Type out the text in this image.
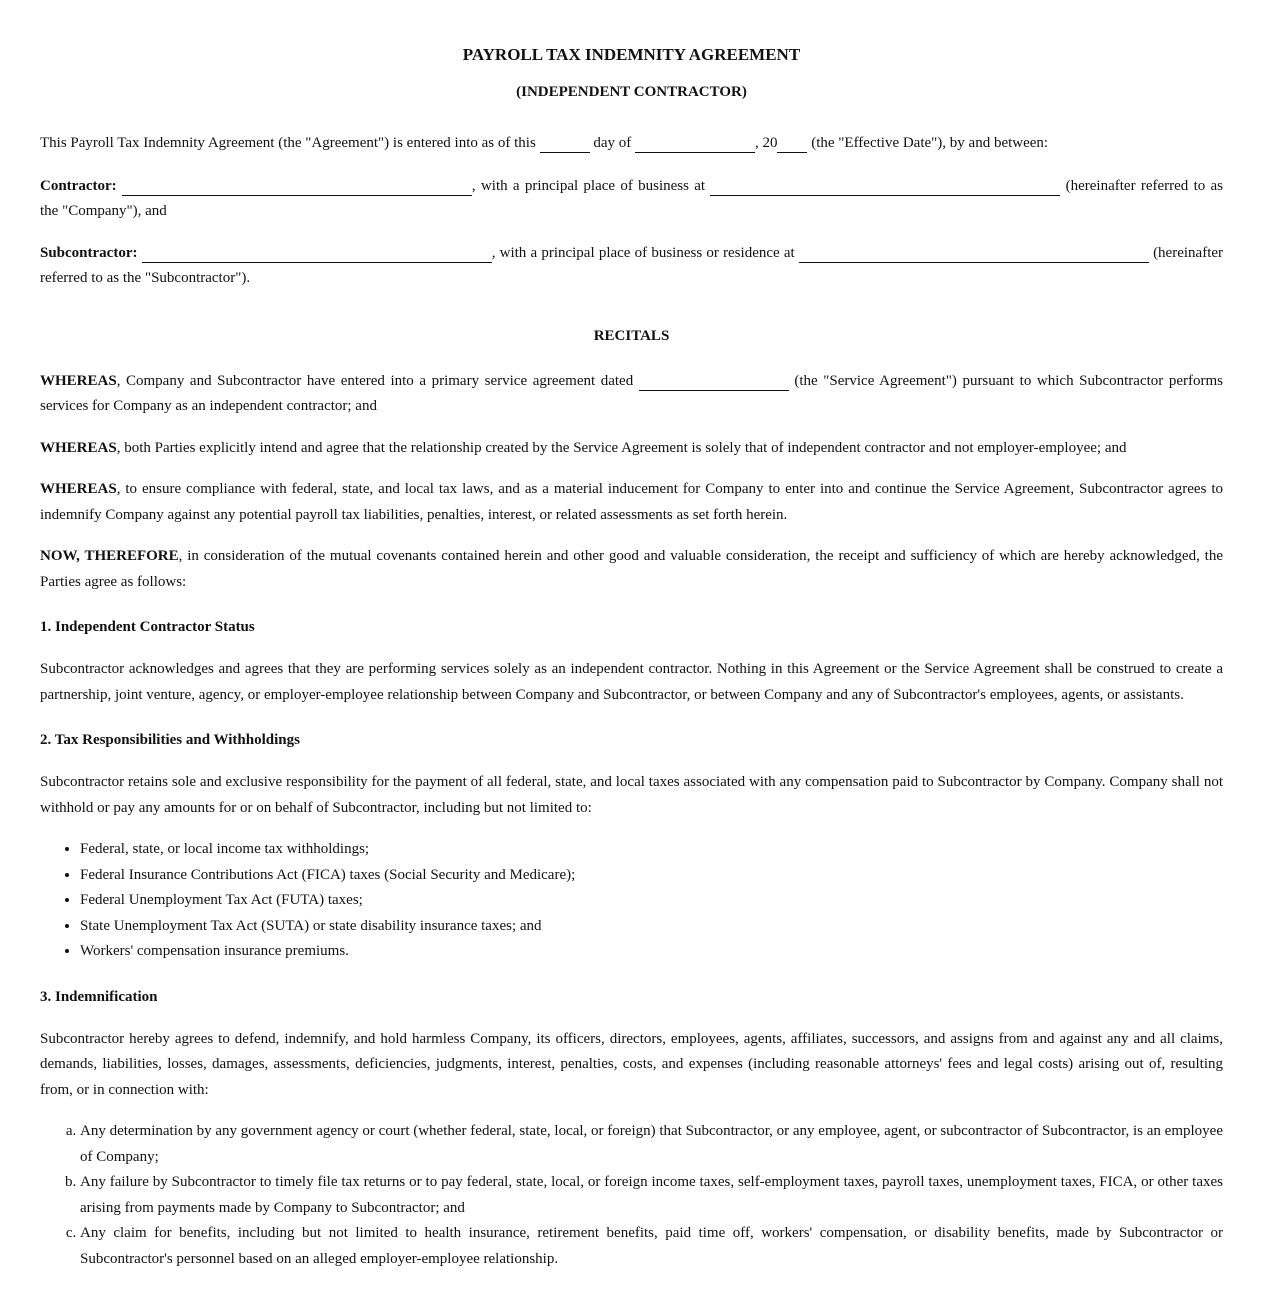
PAYROLL TAX INDEMNITY AGREEMENT
(INDEPENDENT CONTRACTOR)

This Payroll Tax Indemnity Agreement (the "Agreement") is entered into as of this	day of	, 20 (the "Effective Date"), by and between:

Contractor:	, with a principal place of business at	(hereinafter referred to as the "Company"), and

Subcontractor:	, with a principal place of business or residence at	(hereinafter referred to as the "Subcontractor").

RECITALS

WHEREAS, Company and Subcontractor have entered into a primary service agreement dated	(the "Service Agreement") pursuant to which Subcontractor performs services for Company as an independent contractor; and

WHEREAS, both Parties explicitly intend and agree that the relationship created by the Service Agreement is solely that of independent contractor and not employer-employee; and

WHEREAS, to ensure compliance with federal, state, and local tax laws, and as a material inducement for Company to enter into and continue the Service Agreement, Subcontractor agrees to indemnify Company against any potential payroll tax liabilities, penalties, interest, or related assessments as set forth herein.

NOW, THEREFORE, in consideration of the mutual covenants contained herein and other good and valuable consideration, the receipt and sufficiency of which are hereby acknowledged, the Parties agree as follows:

1. Independent Contractor Status

Subcontractor acknowledges and agrees that they are performing services solely as an independent contractor. Nothing in this Agreement or the Service Agreement shall be construed to create a partnership, joint venture, agency, or employer-employee relationship between Company and Subcontractor, or between Company and any of Subcontractor's employees, agents, or assistants.

2. Tax Responsibilities and Withholdings

Subcontractor retains sole and exclusive responsibility for the payment of all federal, state, and local taxes associated with any compensation paid to Subcontractor by Company. Company shall not withhold or pay any amounts for or on behalf of Subcontractor, including but not limited to:

• Federal, state, or local income tax withholdings;
• Federal Insurance Contributions Act (FICA) taxes (Social Security and Medicare);
• Federal Unemployment Tax Act (FUTA) taxes;
• State Unemployment Tax Act (SUTA) or state disability insurance taxes; and
• Workers' compensation insurance premiums.
3. Indemnification

Subcontractor hereby agrees to defend, indemnify, and hold harmless Company, its officers, directors, employees, agents, affiliates, successors, and assigns from and against any and all claims, demands, liabilities, losses, damages, assessments, deficiencies, judgments, interest, penalties, costs, and expenses (including reasonable attorneys' fees and legal costs) arising out of, resulting from, or in connection with:

a. Any determination by any government agency or court (whether federal, state, local, or foreign) that Subcontractor, or any employee, agent, or subcontractor of Subcontractor, is an employee of Company;
b. Any failure by Subcontractor to timely file tax returns or to pay federal, state, local, or foreign income taxes, self-employment taxes, payroll taxes, unemployment taxes, FICA, or other taxes arising from payments made by Company to Subcontractor; and
c. Any claim for benefits, including but not limited to health insurance, retirement benefits, paid time off, workers' compensation, or disability benefits, made by Subcontractor or Subcontractor's personnel based on an alleged employer-employee relationship.
